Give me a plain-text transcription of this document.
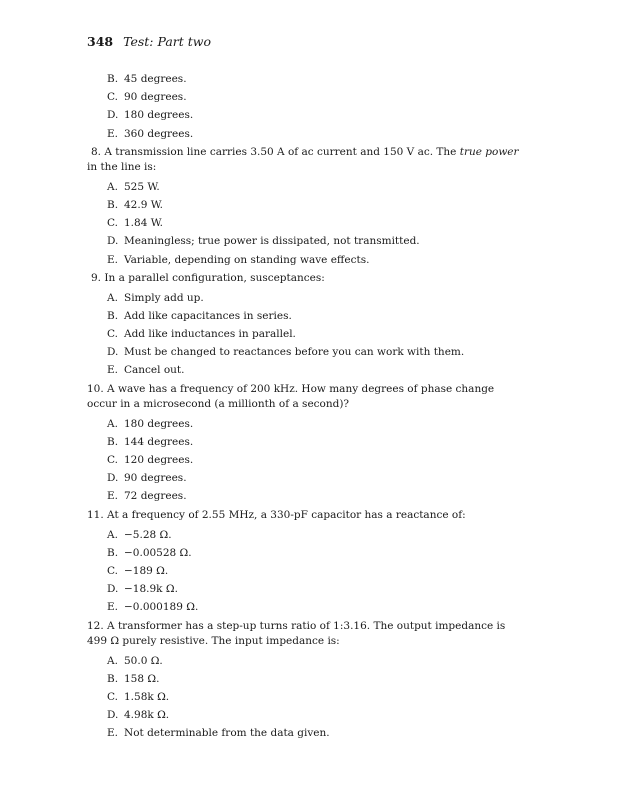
348 Test: Part two
B. 45 degrees.
C. 90 degrees.
D. 180 degrees.
E. 360 degrees.
8. A transmission line carries 3.50 A of ac current and 150 V ac. The true power in the line is:
A. 525 W.
B. 42.9 W.
C. 1.84 W.
D. Meaningless; true power is dissipated, not transmitted.
E. Variable, depending on standing wave effects.
9. In a parallel configuration, susceptances:
A. Simply add up.
B. Add like capacitances in series.
C. Add like inductances in parallel.
D. Must be changed to reactances before you can work with them.
E. Cancel out.
10. A wave has a frequency of 200 kHz. How many degrees of phase change occur in a microsecond (a millionth of a second)?
A. 180 degrees.
B. 144 degrees.
C. 120 degrees.
D. 90 degrees.
E. 72 degrees.
11. At a frequency of 2.55 MHz, a 330-pF capacitor has a reactance of:
A. −5.28 Ω.
B. −0.00528 Ω.
C. −189 Ω.
D. −18.9k Ω.
E. −0.000189 Ω.
12. A transformer has a step-up turns ratio of 1:3.16. The output impedance is 499 Ω purely resistive. The input impedance is:
A. 50.0 Ω.
B. 158 Ω.
C. 1.58k Ω.
D. 4.98k Ω.
E. Not determinable from the data given.
